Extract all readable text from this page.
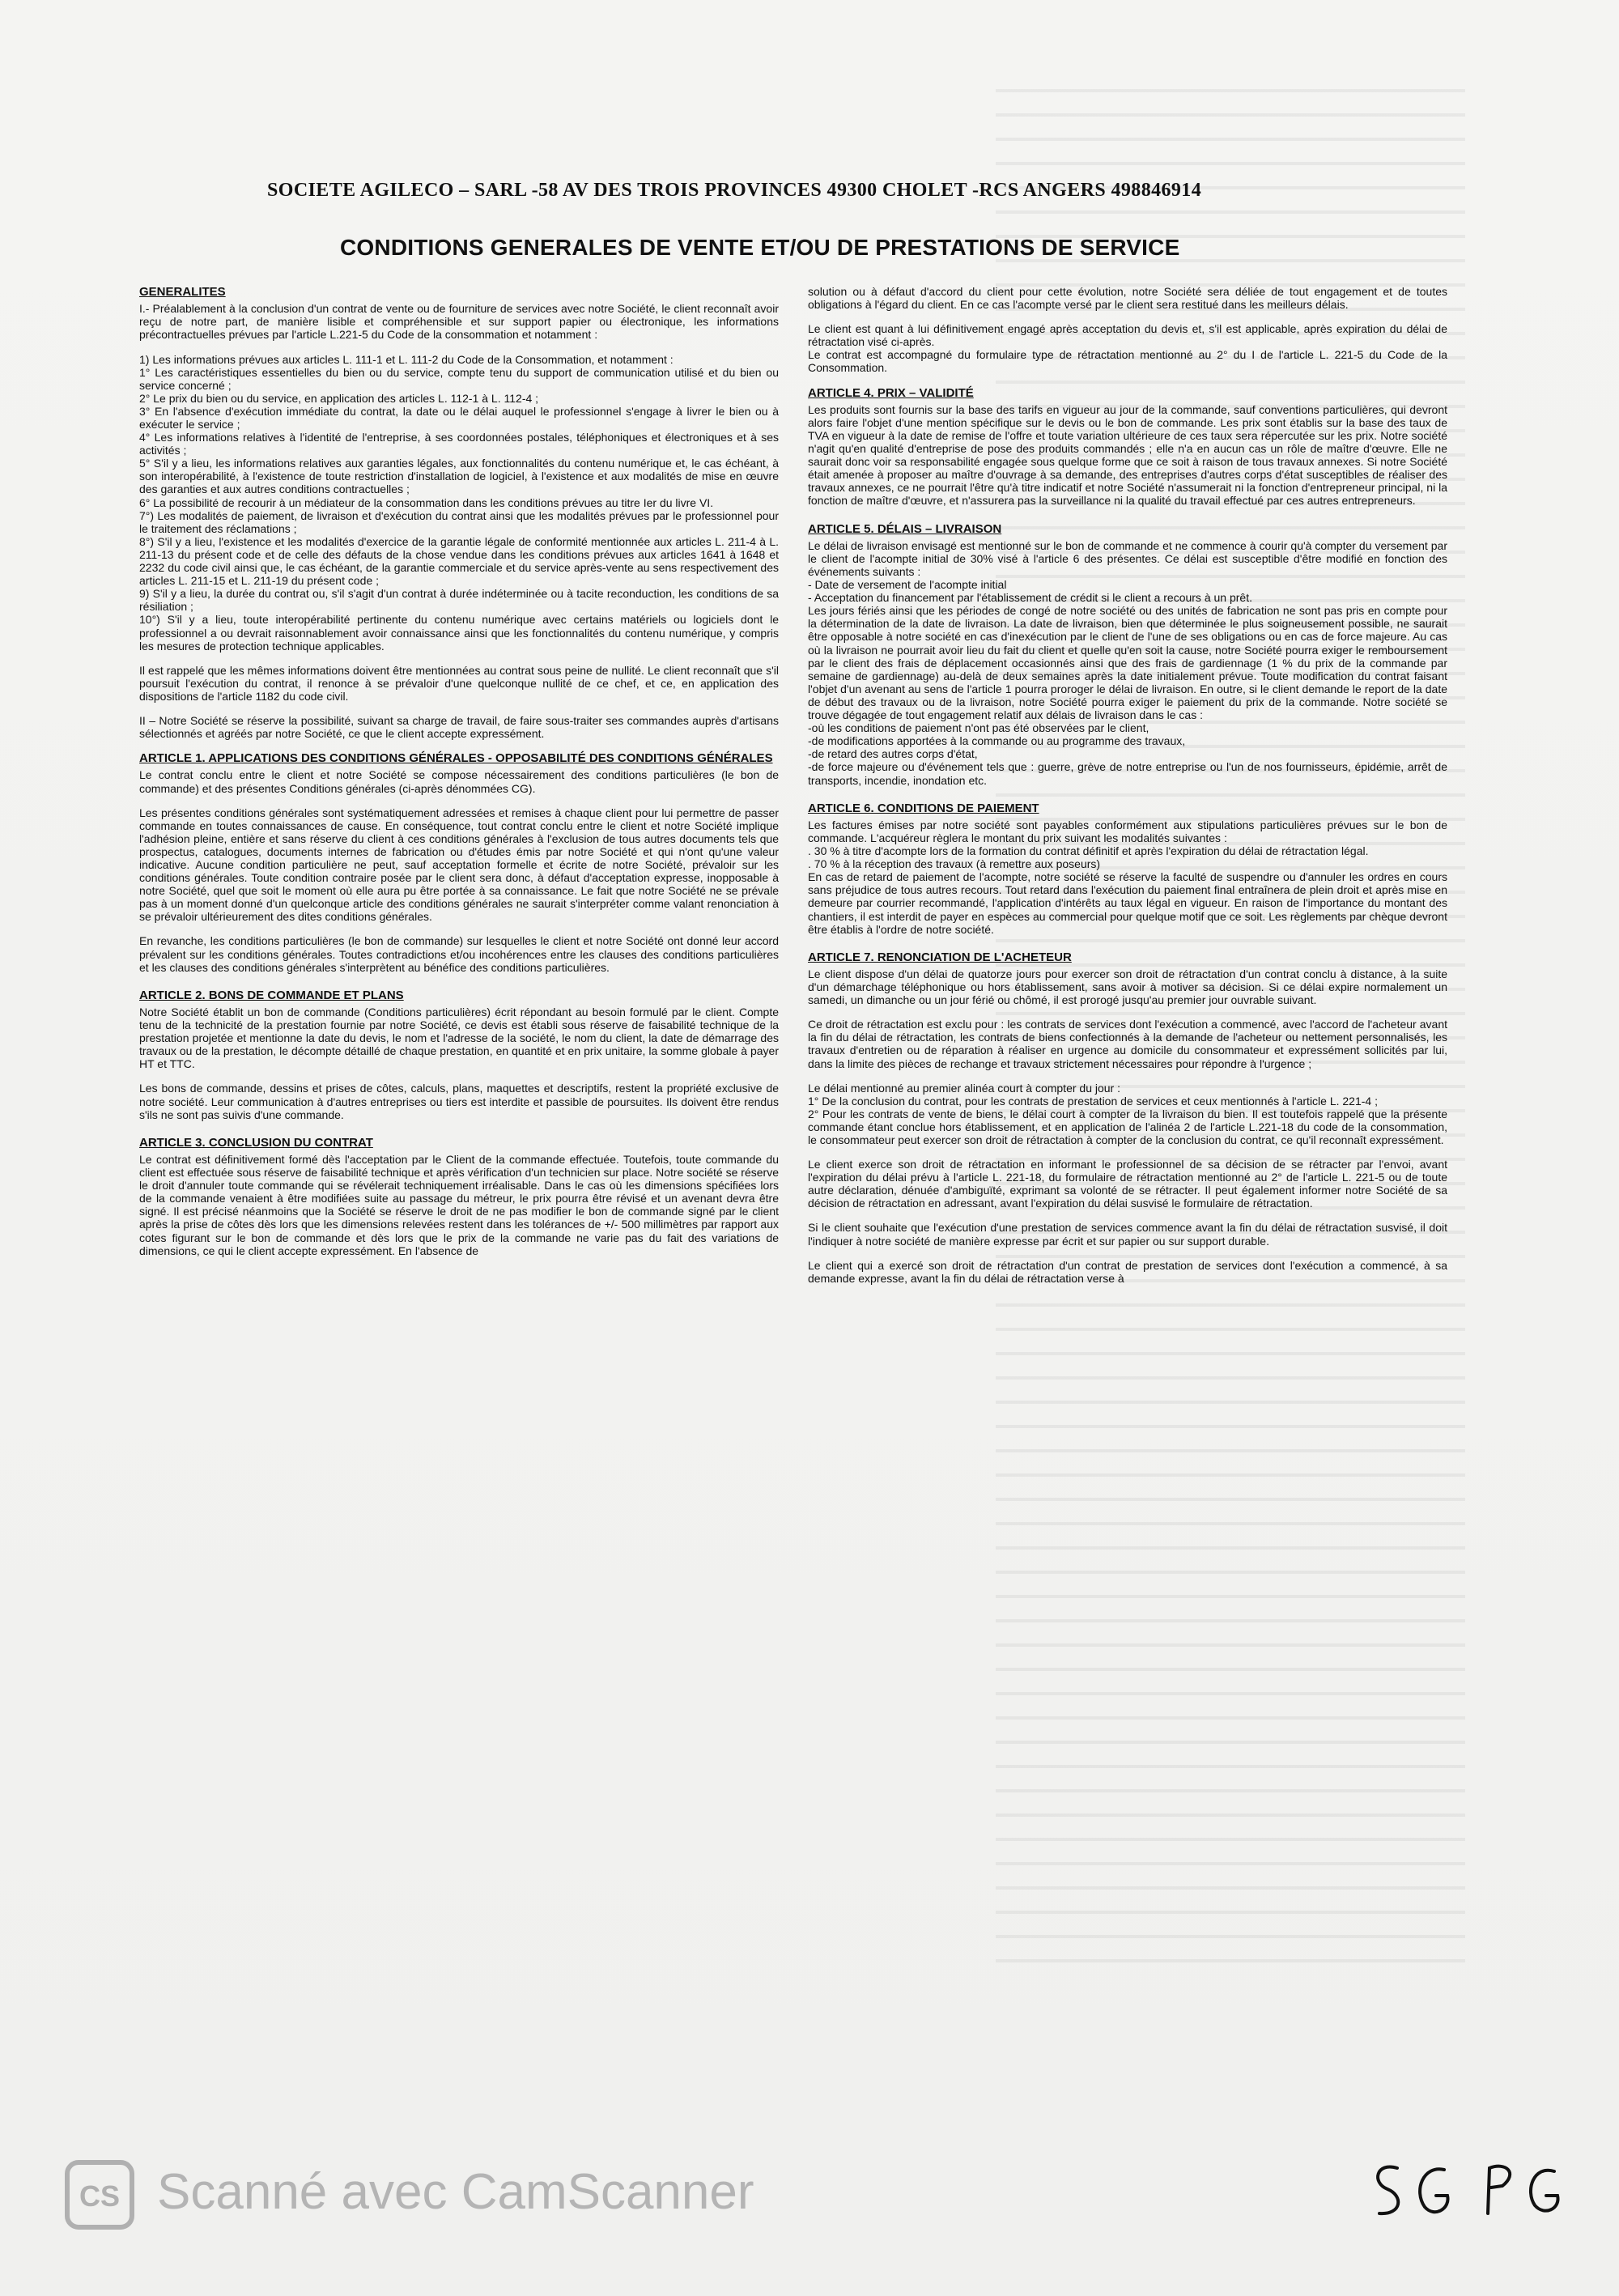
SOCIETE AGILECO – SARL -58 AV DES TROIS PROVINCES 49300 CHOLET -RCS ANGERS 498846914
CONDITIONS GENERALES DE VENTE ET/OU DE PRESTATIONS DE SERVICE
GENERALITES
I.- Préalablement à la conclusion d'un contrat de vente ou de fourniture de services avec notre Société, le client reconnaît avoir reçu de notre part, de manière lisible et compréhensible et sur support papier ou électronique, les informations précontractuelles prévues par l'article L.221-5 du Code de la consommation et notamment :
1) Les informations prévues aux articles L. 111-1 et L. 111-2 du Code de la Consommation, et notamment :
1° Les caractéristiques essentielles du bien ou du service, compte tenu du support de communication utilisé et du bien ou service concerné ;
2° Le prix du bien ou du service, en application des articles L. 112-1 à L. 112-4 ;
3° En l'absence d'exécution immédiate du contrat, la date ou le délai auquel le professionnel s'engage à livrer le bien ou à exécuter le service ;
4° Les informations relatives à l'identité de l'entreprise, à ses coordonnées postales, téléphoniques et électroniques et à ses activités ;
5° S'il y a lieu, les informations relatives aux garanties légales, aux fonctionnalités du contenu numérique et, le cas échéant, à son interopérabilité, à l'existence de toute restriction d'installation de logiciel, à l'existence et aux modalités de mise en œuvre des garanties et aux autres conditions contractuelles ;
6° La possibilité de recourir à un médiateur de la consommation dans les conditions prévues au titre Ier du livre VI.
7°) Les modalités de paiement, de livraison et d'exécution du contrat ainsi que les modalités prévues par le professionnel pour le traitement des réclamations ;
8°) S'il y a lieu, l'existence et les modalités d'exercice de la garantie légale de conformité mentionnée aux articles L. 211-4 à L. 211-13 du présent code et de celle des défauts de la chose vendue dans les conditions prévues aux articles 1641 à 1648 et 2232 du code civil ainsi que, le cas échéant, de la garantie commerciale et du service après-vente au sens respectivement des articles L. 211-15 et L. 211-19 du présent code ;
9) S'il y a lieu, la durée du contrat ou, s'il s'agit d'un contrat à durée indéterminée ou à tacite reconduction, les conditions de sa résiliation ;
10°) S'il y a lieu, toute interopérabilité pertinente du contenu numérique avec certains matériels ou logiciels dont le professionnel a ou devrait raisonnablement avoir connaissance ainsi que les fonctionnalités du contenu numérique, y compris les mesures de protection technique applicables.
Il est rappelé que les mêmes informations doivent être mentionnées au contrat sous peine de nullité. Le client reconnaît que s'il poursuit l'exécution du contrat, il renonce à se prévaloir d'une quelconque nullité de ce chef, et ce, en application des dispositions de l'article 1182 du code civil.
II – Notre Société se réserve la possibilité, suivant sa charge de travail, de faire sous-traiter ses commandes auprès d'artisans sélectionnés et agréés par notre Société, ce que le client accepte expressément.
ARTICLE 1. APPLICATIONS DES CONDITIONS GÉNÉRALES - OPPOSABILITÉ DES CONDITIONS GÉNÉRALES
Le contrat conclu entre le client et notre Société se compose nécessairement des conditions particulières (le bon de commande) et des présentes Conditions générales (ci-après dénommées CG).
Les présentes conditions générales sont systématiquement adressées et remises à chaque client pour lui permettre de passer commande en toutes connaissances de cause. En conséquence, tout contrat conclu entre le client et notre Société implique l'adhésion pleine, entière et sans réserve du client à ces conditions générales à l'exclusion de tous autres documents tels que prospectus, catalogues, documents internes de fabrication ou d'études émis par notre Société et qui n'ont qu'une valeur indicative. Aucune condition particulière ne peut, sauf acceptation formelle et écrite de notre Société, prévaloir sur les conditions générales. Toute condition contraire posée par le client sera donc, à défaut d'acceptation expresse, inopposable à notre Société, quel que soit le moment où elle aura pu être portée à sa connaissance. Le fait que notre Société ne se prévale pas à un moment donné d'un quelconque article des conditions générales ne saurait s'interpréter comme valant renonciation à se prévaloir ultérieurement des dites conditions générales.
En revanche, les conditions particulières (le bon de commande) sur lesquelles le client et notre Société ont donné leur accord prévalent sur les conditions générales. Toutes contradictions et/ou incohérences entre les clauses des conditions particulières et les clauses des conditions générales s'interprètent au bénéfice des conditions particulières.
ARTICLE 2. BONS DE COMMANDE ET PLANS
Notre Société établit un bon de commande (Conditions particulières) écrit répondant au besoin formulé par le client. Compte tenu de la technicité de la prestation fournie par notre Société, ce devis est établi sous réserve de faisabilité technique de la prestation projetée et mentionne la date du devis, le nom et l'adresse de la société, le nom du client, la date de démarrage des travaux ou de la prestation, le décompte détaillé de chaque prestation, en quantité et en prix unitaire, la somme globale à payer HT et TTC.
Les bons de commande, dessins et prises de côtes, calculs, plans, maquettes et descriptifs, restent la propriété exclusive de notre société. Leur communication à d'autres entreprises ou tiers est interdite et passible de poursuites. Ils doivent être rendus s'ils ne sont pas suivis d'une commande.
ARTICLE 3. CONCLUSION DU CONTRAT
Le contrat est définitivement formé dès l'acceptation par le Client de la commande effectuée. Toutefois, toute commande du client est effectuée sous réserve de faisabilité technique et après vérification d'un technicien sur place. Notre société se réserve le droit d'annuler toute commande qui se révélerait techniquement irréalisable. Dans le cas où les dimensions spécifiées lors de la commande venaient à être modifiées suite au passage du métreur, le prix pourra être révisé et un avenant devra être signé. Il est précisé néanmoins que la Société se réserve le droit de ne pas modifier le bon de commande signé par le client après la prise de côtes dès lors que les dimensions relevées restent dans les tolérances de +/- 500 millimètres par rapport aux cotes figurant sur le bon de commande et dès lors que le prix de la commande ne varie pas du fait des variations de dimensions, ce qui le client accepte expressément. En l'absence de
solution ou à défaut d'accord du client pour cette évolution, notre Société sera déliée de tout engagement et de toutes obligations à l'égard du client. En ce cas l'acompte versé par le client sera restitué dans les meilleurs délais.
Le client est quant à lui définitivement engagé après acceptation du devis et, s'il est applicable, après expiration du délai de rétractation visé ci-après.
Le contrat est accompagné du formulaire type de rétractation mentionné au 2° du I de l'article L. 221-5 du Code de la Consommation.
ARTICLE 4. PRIX – VALIDITÉ
Les produits sont fournis sur la base des tarifs en vigueur au jour de la commande, sauf conventions particulières, qui devront alors faire l'objet d'une mention spécifique sur le devis ou le bon de commande. Les prix sont établis sur la base des taux de TVA en vigueur à la date de remise de l'offre et toute variation ultérieure de ces taux sera répercutée sur les prix. Notre société n'agit qu'en qualité d'entreprise de pose des produits commandés ; elle n'a en aucun cas un rôle de maître d'œuvre. Elle ne saurait donc voir sa responsabilité engagée sous quelque forme que ce soit à raison de tous travaux annexes. Si notre Société était amenée à proposer au maître d'ouvrage à sa demande, des entreprises d'autres corps d'état susceptibles de réaliser des travaux annexes, ce ne pourrait l'être qu'à titre indicatif et notre Société n'assumerait ni la fonction d'entrepreneur principal, ni la fonction de maître d'œuvre, et n'assurera pas la surveillance ni la qualité du travail effectué par ces autres entrepreneurs.
ARTICLE 5. DÉLAIS – LIVRAISON
Le délai de livraison envisagé est mentionné sur le bon de commande et ne commence à courir qu'à compter du versement par le client de l'acompte initial de 30% visé à l'article 6 des présentes. Ce délai est susceptible d'être modifié en fonction des événements suivants :
- Date de versement de l'acompte initial
- Acceptation du financement par l'établissement de crédit si le client a recours à un prêt.
Les jours fériés ainsi que les périodes de congé de notre société ou des unités de fabrication ne sont pas pris en compte pour la détermination de la date de livraison. La date de livraison, bien que déterminée le plus soigneusement possible, ne saurait être opposable à notre société en cas d'inexécution par le client de l'une de ses obligations ou en cas de force majeure. Au cas où la livraison ne pourrait avoir lieu du fait du client et quelle qu'en soit la cause, notre Société pourra exiger le remboursement par le client des frais de déplacement occasionnés ainsi que des frais de gardiennage (1 % du prix de la commande par semaine de gardiennage) au-delà de deux semaines après la date initialement prévue. Toute modification du contrat faisant l'objet d'un avenant au sens de l'article 1 pourra proroger le délai de livraison. En outre, si le client demande le report de la date de début des travaux ou de la livraison, notre Société pourra exiger le paiement du prix de la commande. Notre société se trouve dégagée de tout engagement relatif aux délais de livraison dans le cas :
-où les conditions de paiement n'ont pas été observées par le client,
-de modifications apportées à la commande ou au programme des travaux,
-de retard des autres corps d'état,
-de force majeure ou d'événement tels que : guerre, grève de notre entreprise ou l'un de nos fournisseurs, épidémie, arrêt de transports, incendie, inondation etc.
ARTICLE 6. CONDITIONS DE PAIEMENT
Les factures émises par notre société sont payables conformément aux stipulations particulières prévues sur le bon de commande. L'acquéreur règlera le montant du prix suivant les modalités suivantes :
. 30 % à titre d'acompte lors de la formation du contrat définitif et après l'expiration du délai de rétractation légal.
. 70 % à la réception des travaux (à remettre aux poseurs)
En cas de retard de paiement de l'acompte, notre société se réserve la faculté de suspendre ou d'annuler les ordres en cours sans préjudice de tous autres recours. Tout retard dans l'exécution du paiement final entraînera de plein droit et après mise en demeure par courrier recommandé, l'application d'intérêts au taux légal en vigueur. En raison de l'importance du montant des chantiers, il est interdit de payer en espèces au commercial pour quelque motif que ce soit. Les règlements par chèque devront être établis à l'ordre de notre société.
ARTICLE 7. RENONCIATION DE L'ACHETEUR
Le client dispose d'un délai de quatorze jours pour exercer son droit de rétractation d'un contrat conclu à distance, à la suite d'un démarchage téléphonique ou hors établissement, sans avoir à motiver sa décision. Si ce délai expire normalement un samedi, un dimanche ou un jour férié ou chômé, il est prorogé jusqu'au premier jour ouvrable suivant.
Ce droit de rétractation est exclu pour : les contrats de services dont l'exécution a commencé, avec l'accord de l'acheteur avant la fin du délai de rétractation, les contrats de biens confectionnés à la demande de l'acheteur ou nettement personnalisés, les travaux d'entretien ou de réparation à réaliser en urgence au domicile du consommateur et expressément sollicités par lui, dans la limite des pièces de rechange et travaux strictement nécessaires pour répondre à l'urgence ;
Le délai mentionné au premier alinéa court à compter du jour :
1° De la conclusion du contrat, pour les contrats de prestation de services et ceux mentionnés à l'article L. 221-4 ;
2° Pour les contrats de vente de biens, le délai court à compter de la livraison du bien. Il est toutefois rappelé que la présente commande étant conclue hors établissement, et en application de l'alinéa 2 de l'article L.221-18 du code de la consommation, le consommateur peut exercer son droit de rétractation à compter de la conclusion du contrat, ce qu'il reconnaît expressément.
Le client exerce son droit de rétractation en informant le professionnel de sa décision de se rétracter par l'envoi, avant l'expiration du délai prévu à l'article L. 221-18, du formulaire de rétractation mentionné au 2° de l'article L. 221-5 ou de toute autre déclaration, dénuée d'ambiguïté, exprimant sa volonté de se rétracter. Il peut également informer notre Société de sa décision de rétractation en adressant, avant l'expiration du délai susvisé le formulaire de rétractation.
Si le client souhaite que l'exécution d'une prestation de services commence avant la fin du délai de rétractation susvisé, il doit l'indiquer à notre société de manière expresse par écrit et sur papier ou sur support durable.
Le client qui a exercé son droit de rétractation d'un contrat de prestation de services dont l'exécution a commencé, à sa demande expresse, avant la fin du délai de rétractation verse à
CS Scanné avec CamScanner
